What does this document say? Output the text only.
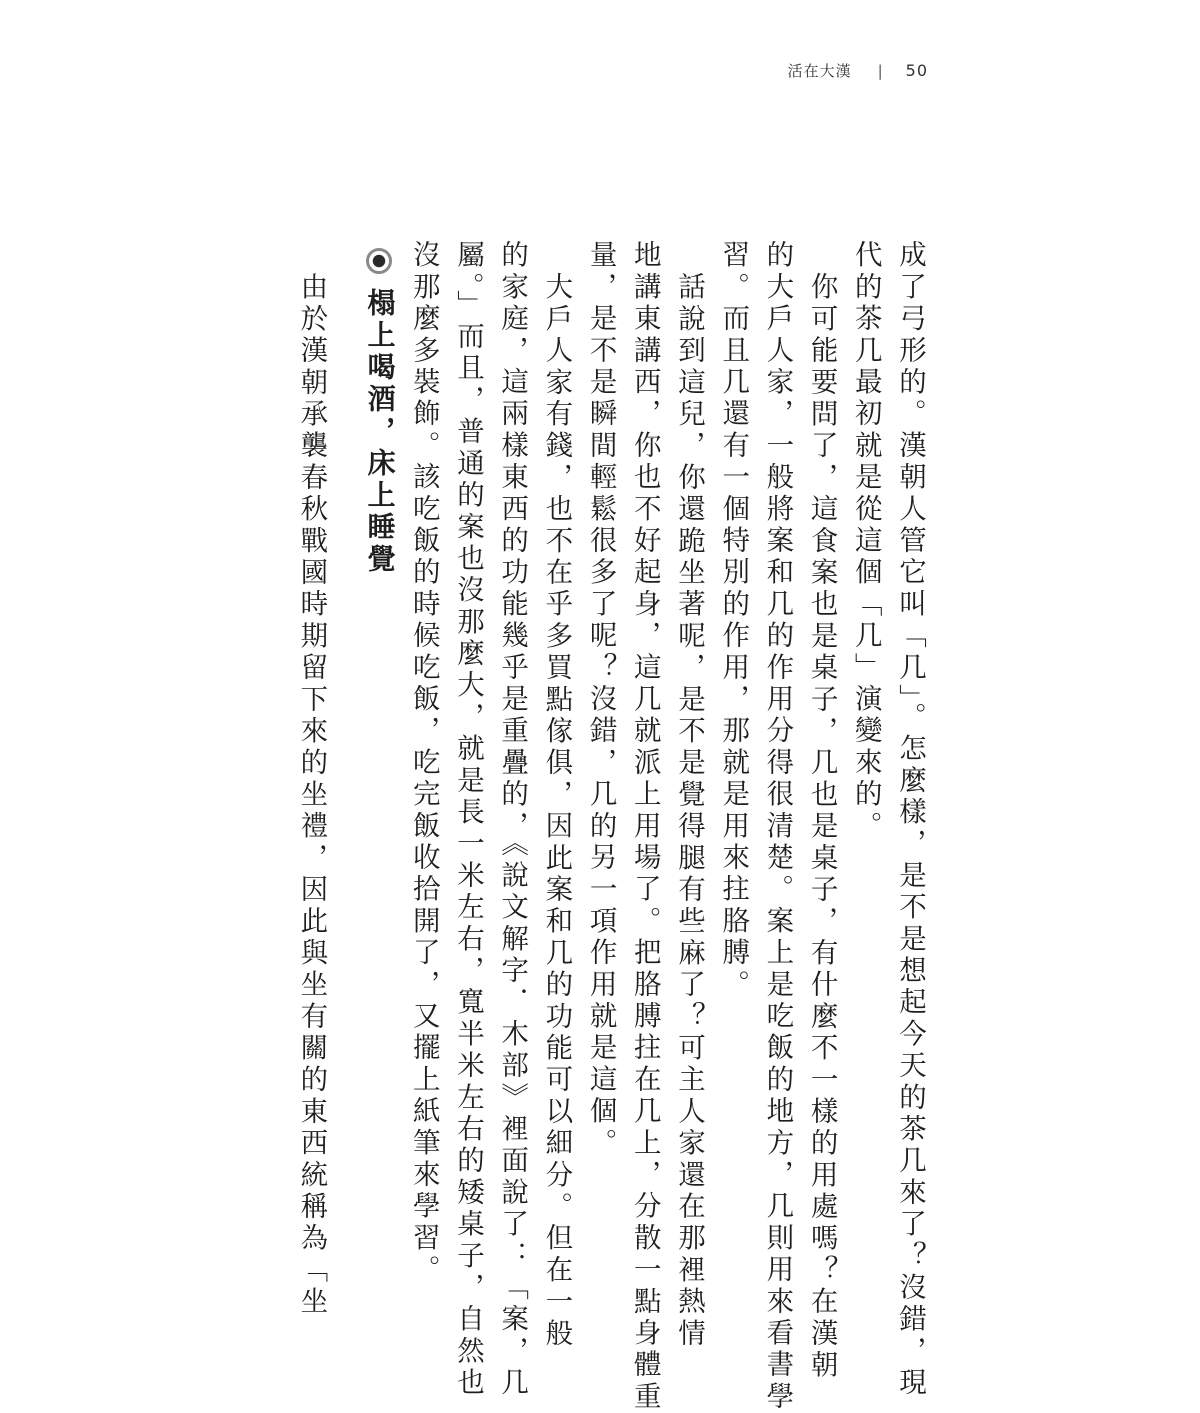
活在大漢 | 50

成了弓形的。漢朝人管它叫「几」。怎麼樣，是不是想起今天的茶几來了？沒錯，現

代的茶几最初就是從這個「几」演變來的。

你可能要問了，這食案也是桌子，几也是桌子，有什麼不一樣的用處嗎？在漢朝

的大戶人家，一般將案和几的作用分得很清楚。案上是吃飯的地方，几則用來看書學

習。而且几還有一個特別的作用，那就是用來拄胳膊。

話說到這兒，你還跪坐著呢，是不是覺得腿有些麻了？可主人家還在那裡熱情

地講東講西，你也不好起身，這几就派上用場了。把胳膊拄在几上，分散一點身體重

量，是不是瞬間輕鬆很多了呢？沒錯，几的另一項作用就是這個。

大戶人家有錢，也不在乎多買點傢俱，因此案和几的功能可以細分。但在一般

的家庭，這兩樣東西的功能幾乎是重疊的，《說文解字．木部》裡面說了：「案，几

屬。」而且，普通的案也沒那麼大，就是長一米左右，寬半米左右的矮桌子，自然也

沒那麼多裝飾。該吃飯的時候吃飯，吃完飯收拾開了，又擺上紙筆來學習。

榻上喝酒，床上睡覺

由於漢朝承襲春秋戰國時期留下來的坐禮，因此與坐有關的東西統稱為「坐
